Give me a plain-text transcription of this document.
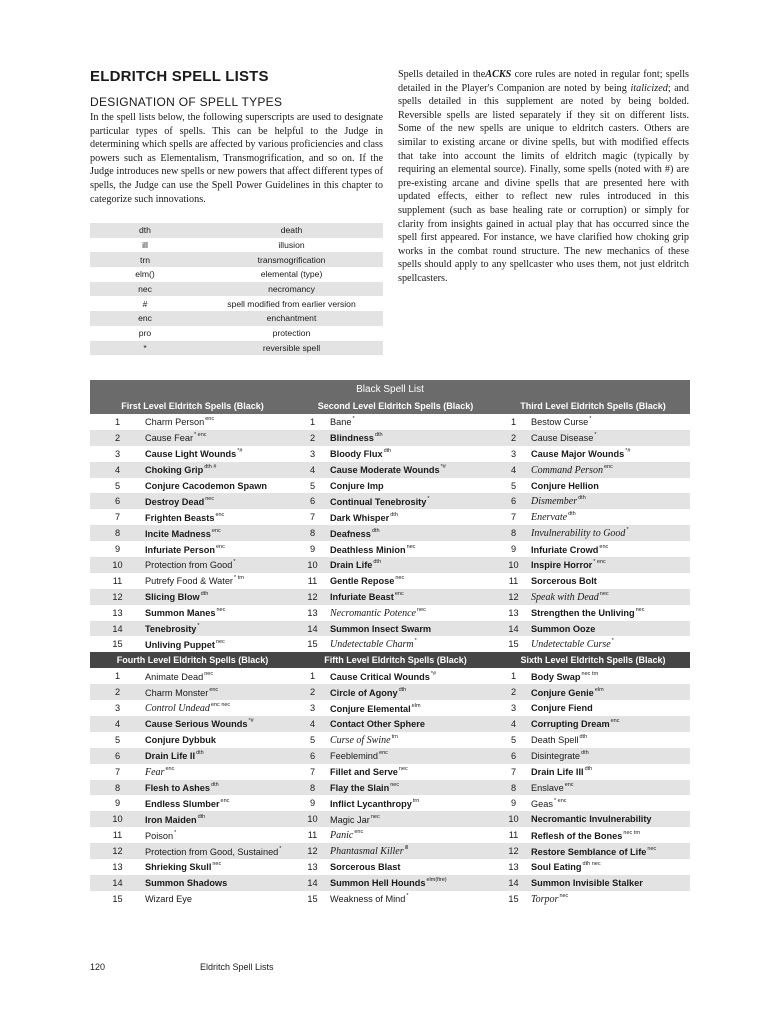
ELDRITCH SPELL LISTS
DESIGNATION OF SPELL TYPES

In the spell lists below, the following superscripts are used to designate particular types of spells. This can be helpful to the Judge in determining which spells are affected by various proficiencies and class powers such as Elementalism, Transmogrification, and so on. If the Judge introduces new spells or new powers that affect different types of spells, the Judge can use the Spell Power Guidelines in this chapter to categorize such innovations.

dth	death
ill	illusion
trn	transmogrification
elm()	elemental (type)
nec	necromancy
#	spell modified from earlier version
enc	enchantment
pro	protection
*	reversible spell

Spells detailed in theACKS core rules are noted in regular font; spells detailed in the Player's Companion are noted by being italicized; and spells detailed in this supplement are noted by being bolded. Reversible spells are listed separately if they sit on different lists. Some of the new spells are unique to eldritch casters. Others are similar to existing arcane or divine spells, but with modified effects that take into account the limits of eldritch magic (typically by requiring an elemental source). Finally, some spells (noted with #) are pre-existing arcane and divine spells that are presented here with updated effects, either to reflect new rules introduced in this supplement (such as base healing rate or corruption) or simply for clarity from insights gained in actual play that has occurred since the spell first appeared. For instance, we have clarified how choking grip works in the combat round structure. The new mechanics of these spells should apply to any spellcaster who uses them, not just eldritch spellcasters.

Black Spell List					
First Level Eldritch Spells (Black)		Second Level Eldritch Spells (Black)		Third Level Eldritch Spells (Black)	
1	Charm Person$^{enc}$	1	Bane*	1	Bestow Curse*
2	Cause Fear$^{* enc}$	2	Blindness$^{dth}$	2	Cause Disease*
3	Cause Light Wounds*#	3	Bloody Flux$^{dth}$	3	Cause Major Wounds*#
4	Choking Grip$^{dth \#}$	4	Cause Moderate Wounds*#	4	Command Person$^{enc}$
5	Conjure Cacodemon Spawn	5	Conjure Imp	5	Conjure Hellion
6	Destroy Dead$^{nec}$	6	Continual Tenebrosity*	6	Dismember$^{dth}$
7	Frighten Beasts$^{enc}$	7	Dark Whisper$^{dth}$	7	Enervate$^{dth}$
8	Incite Madness$^{enc}$	8	Deafness$^{dth}$	8	Invulnerability to Good*
9	Infuriate Person$^{enc}$	9	Deathless Minion$^{nec}$	9	Infuriate Crowd$^{enc}$
10	Protection from Good*	10	Drain Life$^{dth}$	10	Inspire Horror$^{* enc}$
11	Putrefy Food & Water$^{* trn}$	11	Gentle Repose$^{nec}$	11	Sorcerous Bolt
12	Slicing Blow$^{dth}$	12	Infuriate Beast$^{enc}$	12	Speak with Dead$^{nec}$
13	Summon Manes$^{nec}$	13	Necromantic Potence$^{nec}$	13	Strengthen the Unliving$^{nec}$
14	Tenebrosity*	14	Summon Insect Swarm	14	Summon Ooze
15	Unliving Puppet$^{nec}$	15	Undetectable Charm*	15	Undetectable Curse*
Fourth Level Eldritch Spells (Black)		Fifth Level Eldritch Spells (Black)		Sixth Level Eldritch Spells (Black)	
1	Animate Dead$^{nec}$	1	Cause Critical Wounds*#	1	Body Swap$^{nec trn}$
2	Charm Monster$^{enc}$	2	Circle of Agony$^{dth}$	2	Conjure Genie$^{elm}$
3	Control Undead$^{enc nec}$	3	Conjure Elemental$^{elm}$	3	Conjure Fiend
4	Cause Serious Wounds*#	4	Contact Other Sphere	4	Corrupting Dream$^{enc}$
5	Conjure Dybbuk	5	Curse of Swine$^{trn}$	5	Death Spell$^{dth}$
6	Drain Life $II^{dth}$	6	Feeblemind$^{enc}$	6	Disintegrate$^{dth}$
7	Fear$^{enc}$	7	Fillet and Serve$^{nec}$	7	Drain Life $III^{dth}$
8	Flesh to Ashes$^{dth}$	8	Flay the Slain$^{nec}$	8	Enslave$^{enc}$
9	Endless Slumber$^{enc}$	9	Inflict Lycanthropy$^{trn}$	9	Geas$^{* enc}$
10	Iron Maiden$^{dth}$	10	Magic Jar$^{nec}$	10	Necromantic Invulnerability
11	Poison*	11	Panic$^{enc}$	11	Reflesh of the Bones$^{nec trn}$
12	Protection from Good, Sustained*	12	Phantasmal Killer$^{ill}$	12	Restore Semblance of Life$^{nec}$
13	Shrieking Skull$^{nec}$	13	Sorcerous Blast	13	Soul Eating$^{dth nec}$
14	Summon Shadows	14	Summon Hell Hounds$^{elm(fire)}$	14	Summon Invisible Stalker
15	Wizard Eye	15	Weakness of Mind*	15	Torpor$^{nec}$
120	Eldritch Spell Lists
